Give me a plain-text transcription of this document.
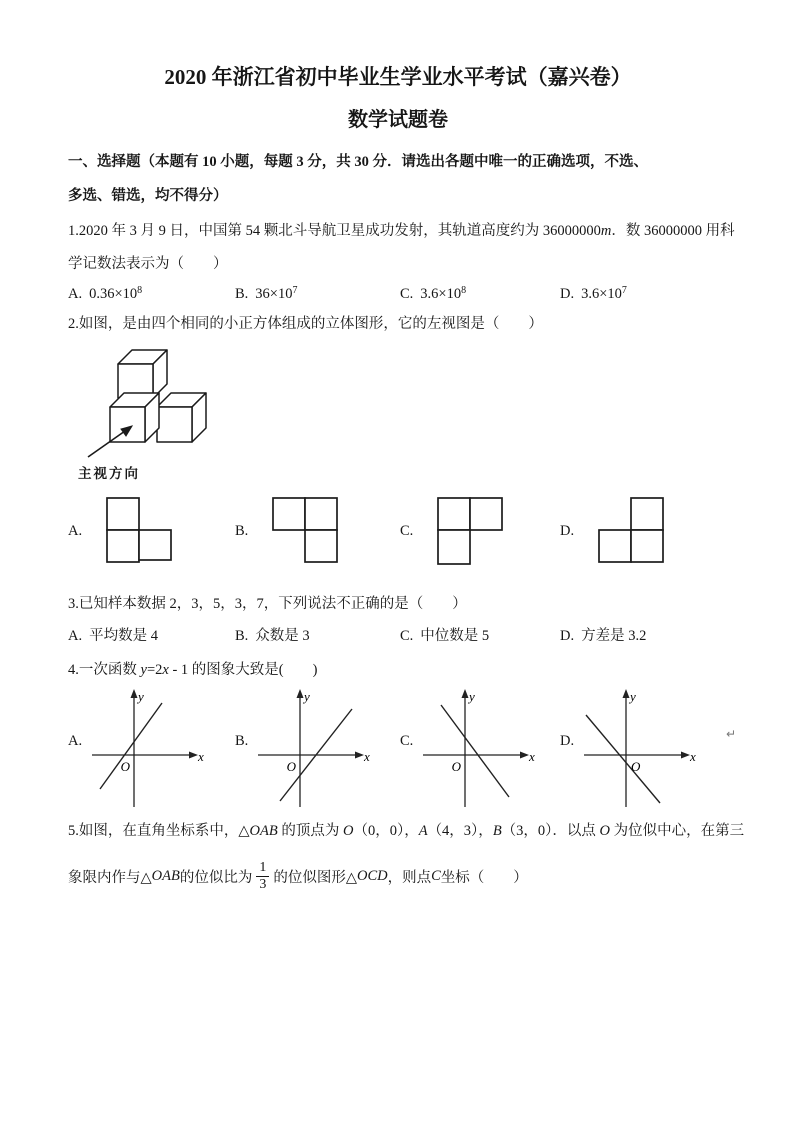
2020 年浙江省初中毕业生学业水平考试（嘉兴卷）
数学试题卷
一、选择题（本题有 10 小题，每题 3 分，共 30 分．请选出各题中唯一的正确选项，不选、
多选、错选，均不得分）
1.2020 年 3 月 9 日，中国第 54 颗北斗导航卫星成功发射，其轨道高度约为 36000000m．数 36000000 用科
学记数法表示为（　　）
A. $0.36\times 10^8$	B. $36\times 10^7$	C. $3.6\times 10^8$	D. $3.6\times 10^7$
2.如图，是由四个相同的小正方体组成的立体图形，它的左视图是（　　）
主视方向
A.	B.	C.	D.
3.已知样本数据 2，3，5，3，7，下列说法不正确的是（　　）
A. 平均数是 4	B. 众数是 3	C. 中位数是 5	D. 方差是 3.2
4.一次函数 y=2x - 1 的图象大致是(　　)
A.
y
x
O
B.
y
x
O
C.
y
x
O
D.
y
x
O
↵
5.如图，在直角坐标系中，△OAB 的顶点为 O（0，0），A（4，3），B（3，0）．以点 O 为位似中心，在第三
象限内作与△ OAB 的位似比为 $\frac{1}{3}$ 的位似图形△ OCD ，则点 C 坐标（　　）
